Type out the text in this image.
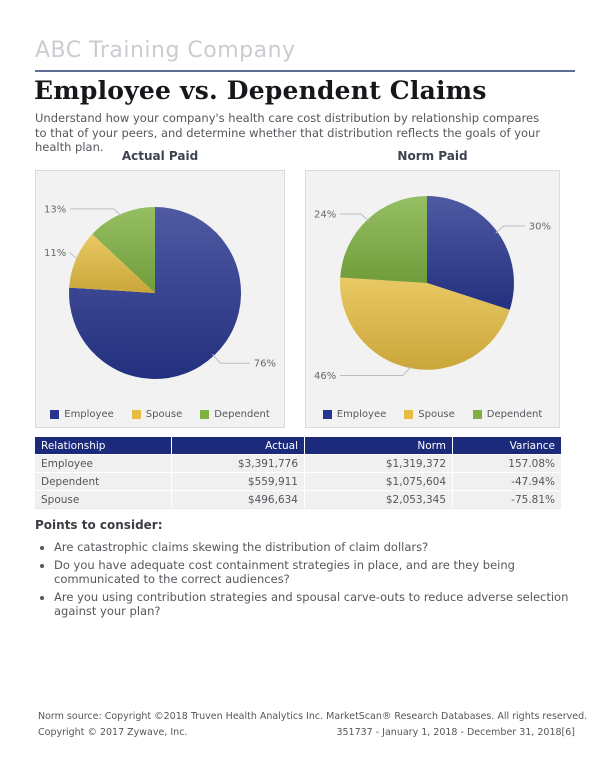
ABC Training Company
Employee vs. Dependent Claims
Understand how your company's health care cost distribution by relationship compares to that of your peers, and determine whether that distribution reflects the goals of your health plan.
Actual Paid
76%
11%
13%
Employee	Spouse	Dependent
Norm Paid
30%
46%
24%
Employee	Spouse	Dependent
Relationship	Actual	Norm	Variance
Employee	$3,391,776	$1,319,372	157.08%
Dependent	$559,911	$1,075,604	-47.94%
Spouse	$496,634	$2,053,345	-75.81%
Points to consider:
• Are catastrophic claims skewing the distribution of claim dollars?
• Do you have adequate cost containment strategies in place, and are they being communicated to the correct audiences?
• Are you using contribution strategies and spousal carve-outs to reduce adverse selection against your plan?
Norm source: Copyright ©2018 Truven Health Analytics Inc. MarketScan® Research Databases. All rights reserved.
Copyright © 2017 Zywave, Inc.	351737 - January 1, 2018 - December 31, 2018[6]
